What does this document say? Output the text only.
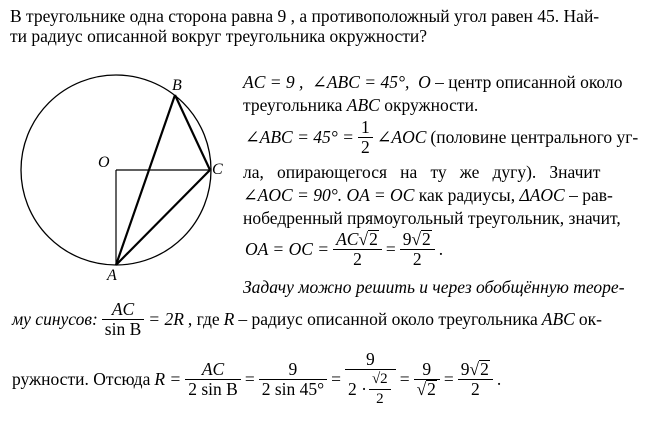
В треугольнике одна сторона равна 9 , а противоположный угол равен 45. Най-
ти радиус описанной вокруг треугольника окружности?
B
O	C
A
AC = 9 , ∠ABC = 45°, O – центр описанной около
треугольника ABC окружности.
∠ABC = $45^\circ = \frac{1}{2}$ ∠AOC (половине центрального уг-
ла,   опирающегося   на   ту   же   дугу).   Значит
∠AOC = 90°. OA = OC как радиусы, ΔAOC – рав-
нобедренный прямоугольный треугольник, значит,
OA = OC = $\frac{AC√2}{2} = \frac{9√2}{2}$ .
Задачу можно решить и через обобщённую теоре-
му синусов: $\frac{AC}{\text{sin B}} = 2R$ , где R – радиус описанной около треугольника ABC ок-
ружности. Отсюда $R = \frac{AC}{\text{2 sin B}} = \frac{9}{2 \sin 45^\circ} = \frac{9}{2 \cdot \frac{√2}{2}} = \frac{9}{√2} = \frac{9√2}{2}$ .
